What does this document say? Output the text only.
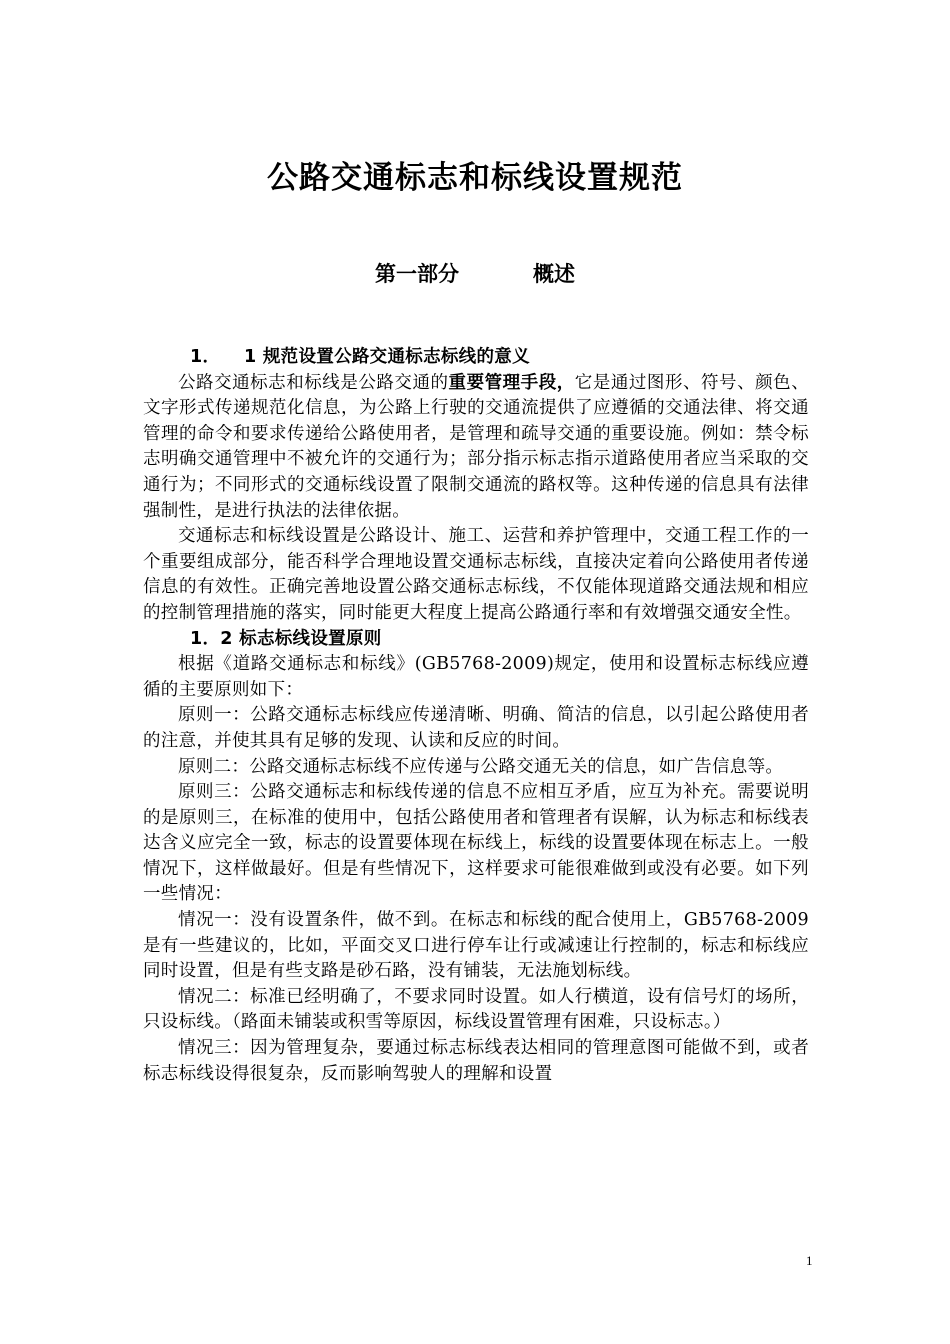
公路交通标志和标线设置规范
第一部分	概述
1． 1 规范设置公路交通标志标线的意义

公路交通标志和标线是公路交通的重要管理手段，它是通过图形、符号、颜色、文字形式传递规范化信息，为公路上行驶的交通流提供了应遵循的交通法律、将交通管理的命令和要求传递给公路使用者，是管理和疏导交通的重要设施。例如：禁令标志明确交通管理中不被允许的交通行为；部分指示标志指示道路使用者应当采取的交通行为；不同形式的交通标线设置了限制交通流的路权等。这种传递的信息具有法律强制性，是进行执法的法律依据。

交通标志和标线设置是公路设计、施工、运营和养护管理中，交通工程工作的一个重要组成部分，能否科学合理地设置交通标志标线，直接决定着向公路使用者传递信息的有效性。正确完善地设置公路交通标志标线，不仅能体现道路交通法规和相应的控制管理措施的落实，同时能更大程度上提高公路通行率和有效增强交通安全性。

1．2 标志标线设置原则

根据《道路交通标志和标线》(GB5768-2009)规定，使用和设置标志标线应遵循的主要原则如下：

原则一：公路交通标志标线应传递清晰、明确、简洁的信息，以引起公路使用者的注意，并使其具有足够的发现、认读和反应的时间。

原则二：公路交通标志标线不应传递与公路交通无关的信息，如广告信息等。

原则三：公路交通标志和标线传递的信息不应相互矛盾，应互为补充。需要说明的是原则三，在标准的使用中，包括公路使用者和管理者有误解，认为标志和标线表达含义应完全一致，标志的设置要体现在标线上，标线的设置要体现在标志上。一般情况下，这样做最好。但是有些情况下，这样要求可能很难做到或没有必要。如下列一些情况：

情况一：没有设置条件，做不到。在标志和标线的配合使用上，GB5768-2009 是有一些建议的，比如，平面交叉口进行停车让行或减速让行控制的，标志和标线应同时设置，但是有些支路是砂石路，没有铺装，无法施划标线。

情况二：标准已经明确了，不要求同时设置。如人行横道，设有信号灯的场所，只设标线。（路面未铺装或积雪等原因，标线设置管理有困难，只设标志。）

情况三：因为管理复杂，要通过标志标线表达相同的管理意图可能做不到，或者标志标线设得很复杂，反而影响驾驶人的理解和设置

1
